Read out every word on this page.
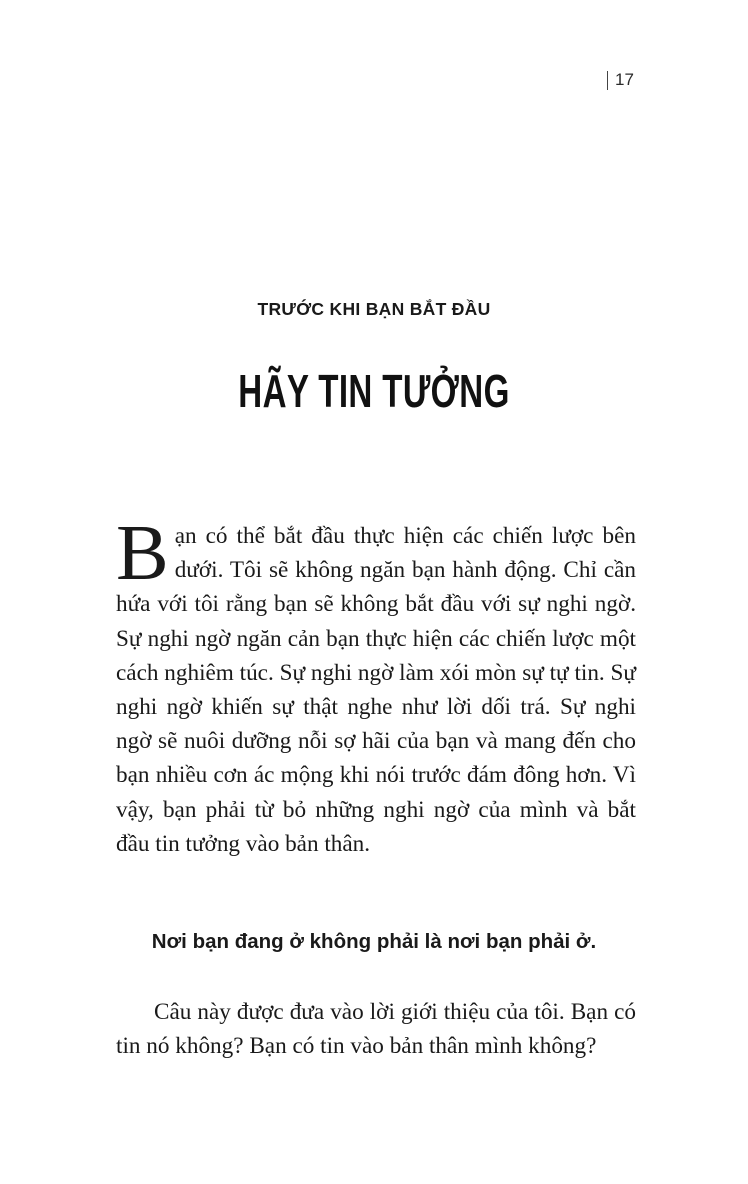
17
TRƯỚC KHI BẠN BẮT ĐẦU
HÃY TIN TƯỞNG

Bạn có thể bắt đầu thực hiện các chiến lược bên dưới. Tôi sẽ không ngăn bạn hành động. Chỉ cần hứa với tôi rằng bạn sẽ không bắt đầu với sự nghi ngờ. Sự nghi ngờ ngăn cản bạn thực hiện các chiến lược một cách nghiêm túc. Sự nghi ngờ làm xói mòn sự tự tin. Sự nghi ngờ khiến sự thật nghe như lời dối trá. Sự nghi ngờ sẽ nuôi dưỡng nỗi sợ hãi của bạn và mang đến cho bạn nhiều cơn ác mộng khi nói trước đám đông hơn. Vì vậy, bạn phải từ bỏ những nghi ngờ của mình và bắt đầu tin tưởng vào bản thân.

Nơi bạn đang ở không phải là nơi bạn phải ở.

Câu này được đưa vào lời giới thiệu của tôi. Bạn có tin nó không? Bạn có tin vào bản thân mình không?
